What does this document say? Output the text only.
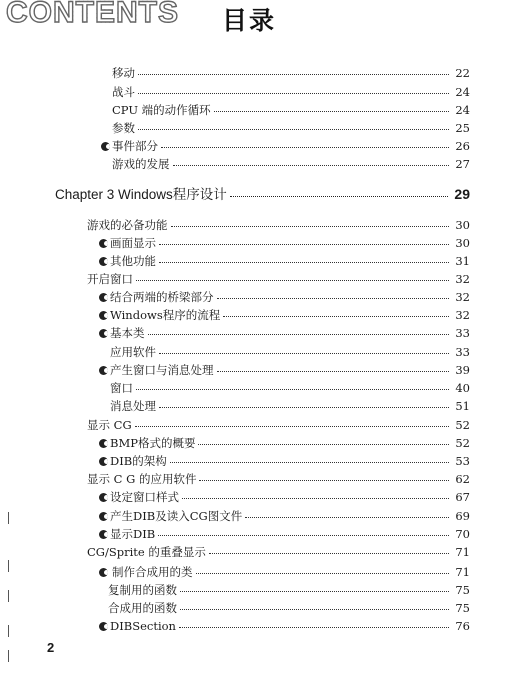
CONTENTS 目录
移动	22
战斗	24
CPU 端的动作循环	24
参数	25
事件部分	26
游戏的发展	27
Chapter 3 Windows程序设计	29
游戏的必备功能	30
画面显示	30
其他功能	31
开启窗口	32
结合两端的桥梁部分	32
Windows程序的流程	32
基本类	33
应用软件	33
产生窗口与消息处理	39
窗口	40
消息处理	51
显示 CG	52
BMP格式的概要	52
DIB的架构	53
显示 C G 的应用软件	62
设定窗口样式	67
产生DIB及读入CG图文件	69
显示DIB	70
CG/Sprite 的重叠显示	71
制作合成用的类	71
复制用的函数	75
合成用的函数	75
DIBSection	76
2
